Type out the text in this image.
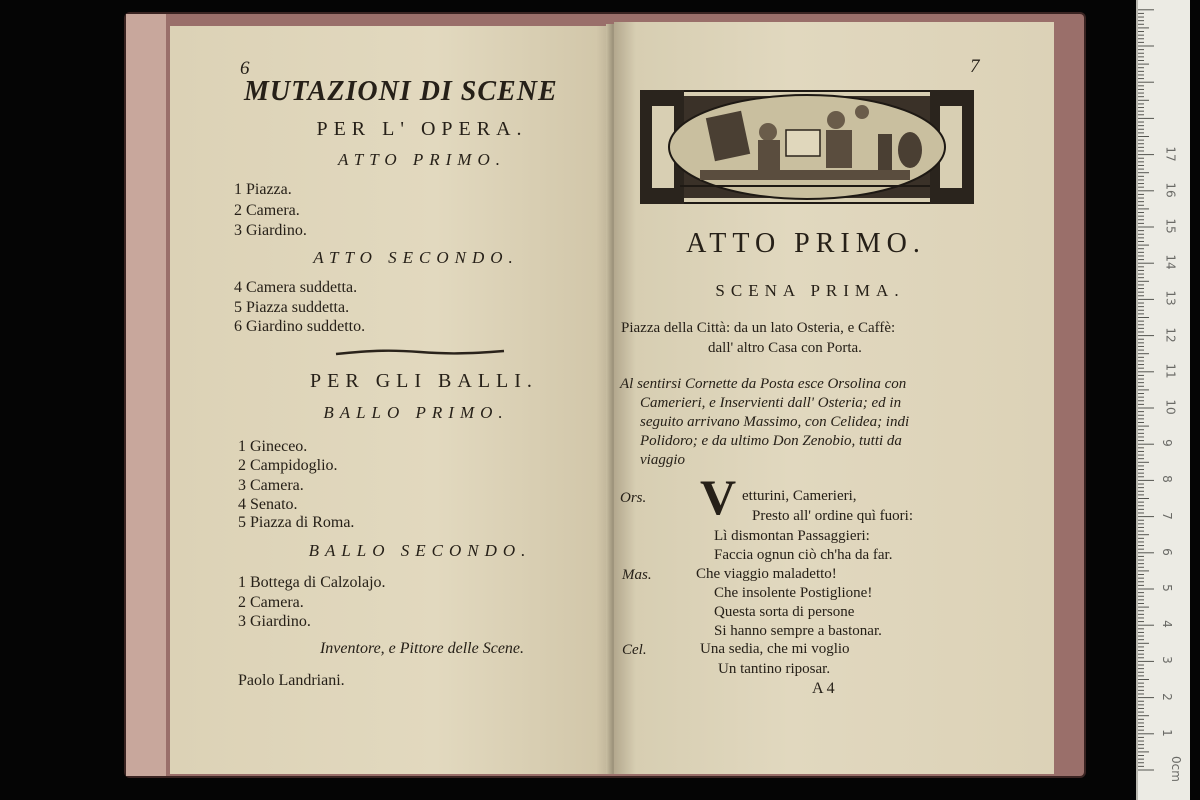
6
MUTAZIONI DI SCENE
PER L' OPERA.
ATTO PRIMO.
1 Piazza.
2 Camera.
3 Giardino.
ATTO SECONDO.
4 Camera suddetta.
5 Piazza suddetta.
6 Giardino suddetto.
PER GLI BALLI.
BALLO PRIMO.
1 Gineceo.
2 Campidoglio.
3 Camera.
4 Senato.
5 Piazza di Roma.
BALLO SECONDO.
1 Bottega di Calzolajo.
2 Camera.
3 Giardino.
Inventore, e Pittore delle Scene.
Paolo Landriani.
7
ATTO PRIMO.
SCENA PRIMA.
Piazza della Città: da un lato Osteria, e Caffè:
dall' altro Casa con Porta.
Al sentirsi Cornette da Posta esce Orsolina con
Camerieri, e Inservienti dall' Osteria; ed in
seguito arrivano Massimo, con Celidea; indi
Polidoro; e da ultimo Don Zenobio, tutti da
viaggio
Ors. V etturini, Camerieri,
Presto all' ordine quì fuori:
Lì dismontan Passaggieri:
Faccia ognun ciò ch'ha da far.
Mas.	Che viaggio maladetto!
Che insolente Postiglione!
Questa sorta di persone
Si hanno sempre a bastonar.
Cel.	Una sedia, che mi voglio
Un tantino riposar.
A 4
0cm
1
2
3
4
5
6
7
8
9
10
11
12
13
14
15
16
17
